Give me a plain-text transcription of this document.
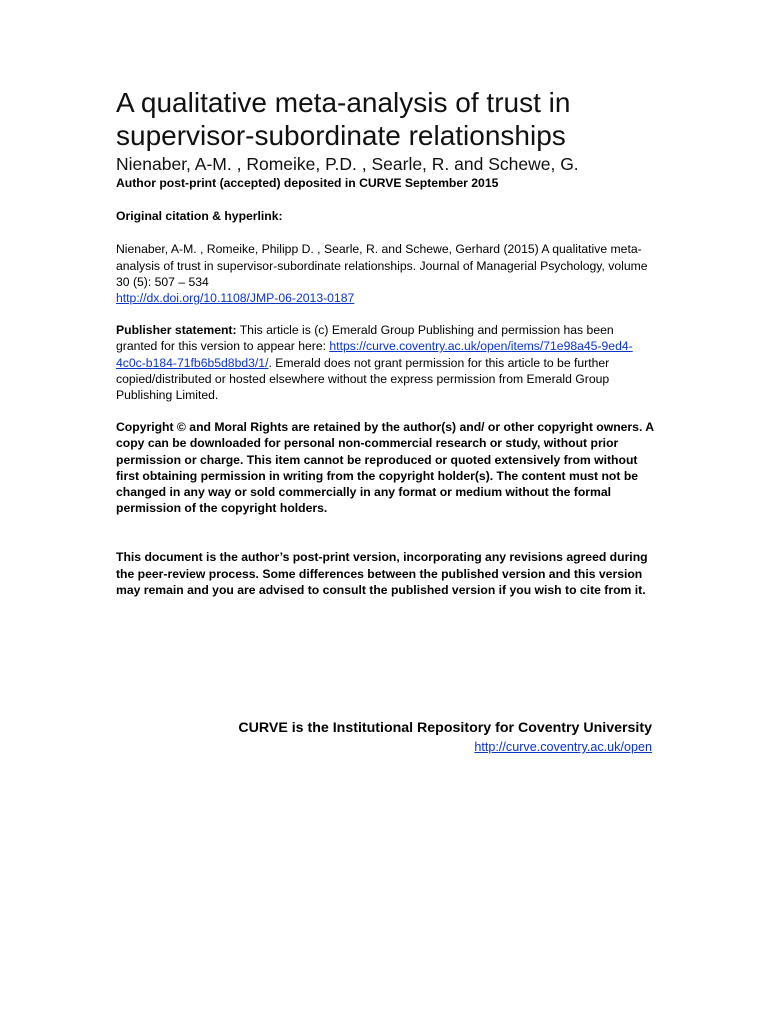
A qualitative meta-analysis of trust in supervisor-subordinate relationships
Nienaber, A-M. , Romeike, P.D. , Searle, R. and Schewe, G.
Author post-print (accepted) deposited in CURVE September 2015

Original citation & hyperlink:

Nienaber, A-M. , Romeike, Philipp D. , Searle, R. and Schewe, Gerhard (2015) A qualitative meta-analysis of trust in supervisor-subordinate relationships. Journal of Managerial Psychology, volume 30 (5): 507 – 534

http://dx.doi.org/10.1108/JMP-06-2013-0187

Publisher statement: This article is (c) Emerald Group Publishing and permission has been granted for this version to appear here: https://curve.coventry.ac.uk/open/items/71e98a45-9ed4-4c0c-b184-71fb6b5d8bd3/1/. Emerald does not grant permission for this article to be further copied/distributed or hosted elsewhere without the express permission from Emerald Group Publishing Limited.

Copyright © and Moral Rights are retained by the author(s) and/ or other copyright owners. A copy can be downloaded for personal non-commercial research or study, without prior permission or charge. This item cannot be reproduced or quoted extensively from without first obtaining permission in writing from the copyright holder(s). The content must not be changed in any way or sold commercially in any format or medium without the formal permission of the copyright holders.

This document is the author’s post-print version, incorporating any revisions agreed during the peer-review process. Some differences between the published version and this version may remain and you are advised to consult the published version if you wish to cite from it.

CURVE is the Institutional Repository for Coventry University
http://curve.coventry.ac.uk/open
